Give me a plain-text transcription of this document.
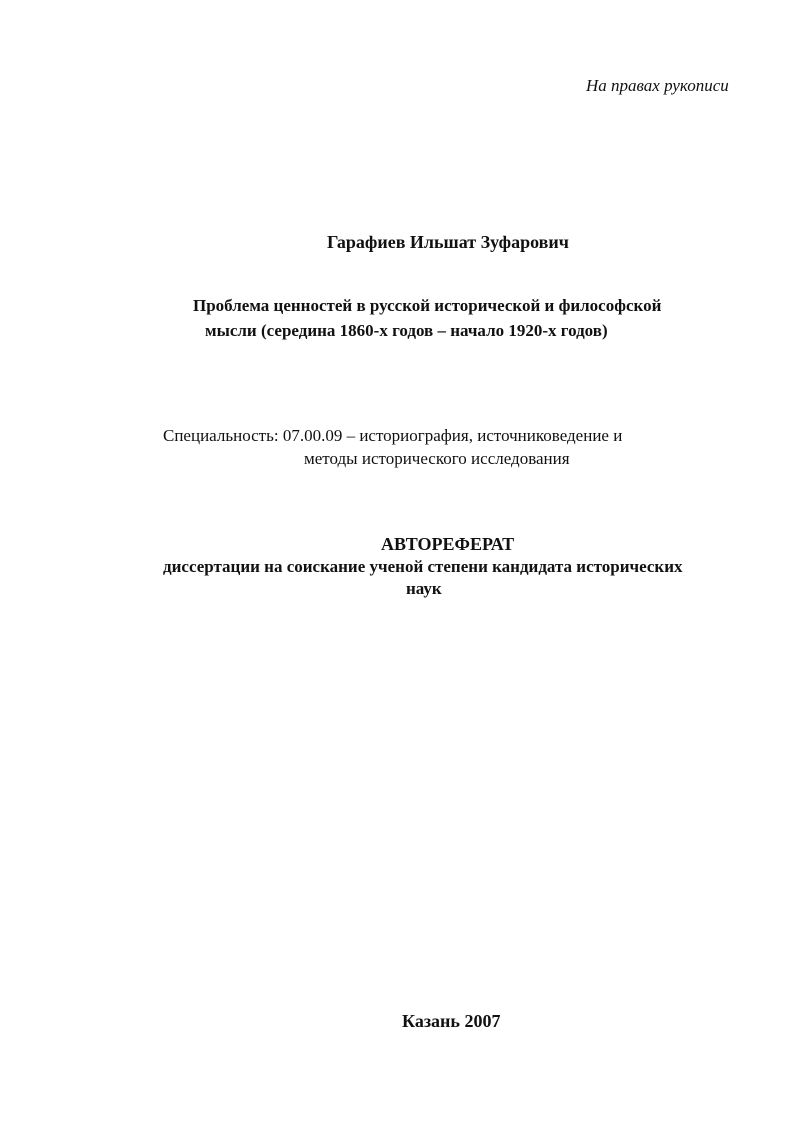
На правах рукописи
Гарафиев Ильшат Зуфарович
Проблема ценностей в русской исторической и философской
мысли (середина 1860-х годов – начало 1920-х годов)
Специальность: 07.00.09 – историография, источниковедение и
методы исторического исследования
АВТОРЕФЕРАТ
диссертации на соискание ученой степени кандидата исторических
наук
Казань 2007
